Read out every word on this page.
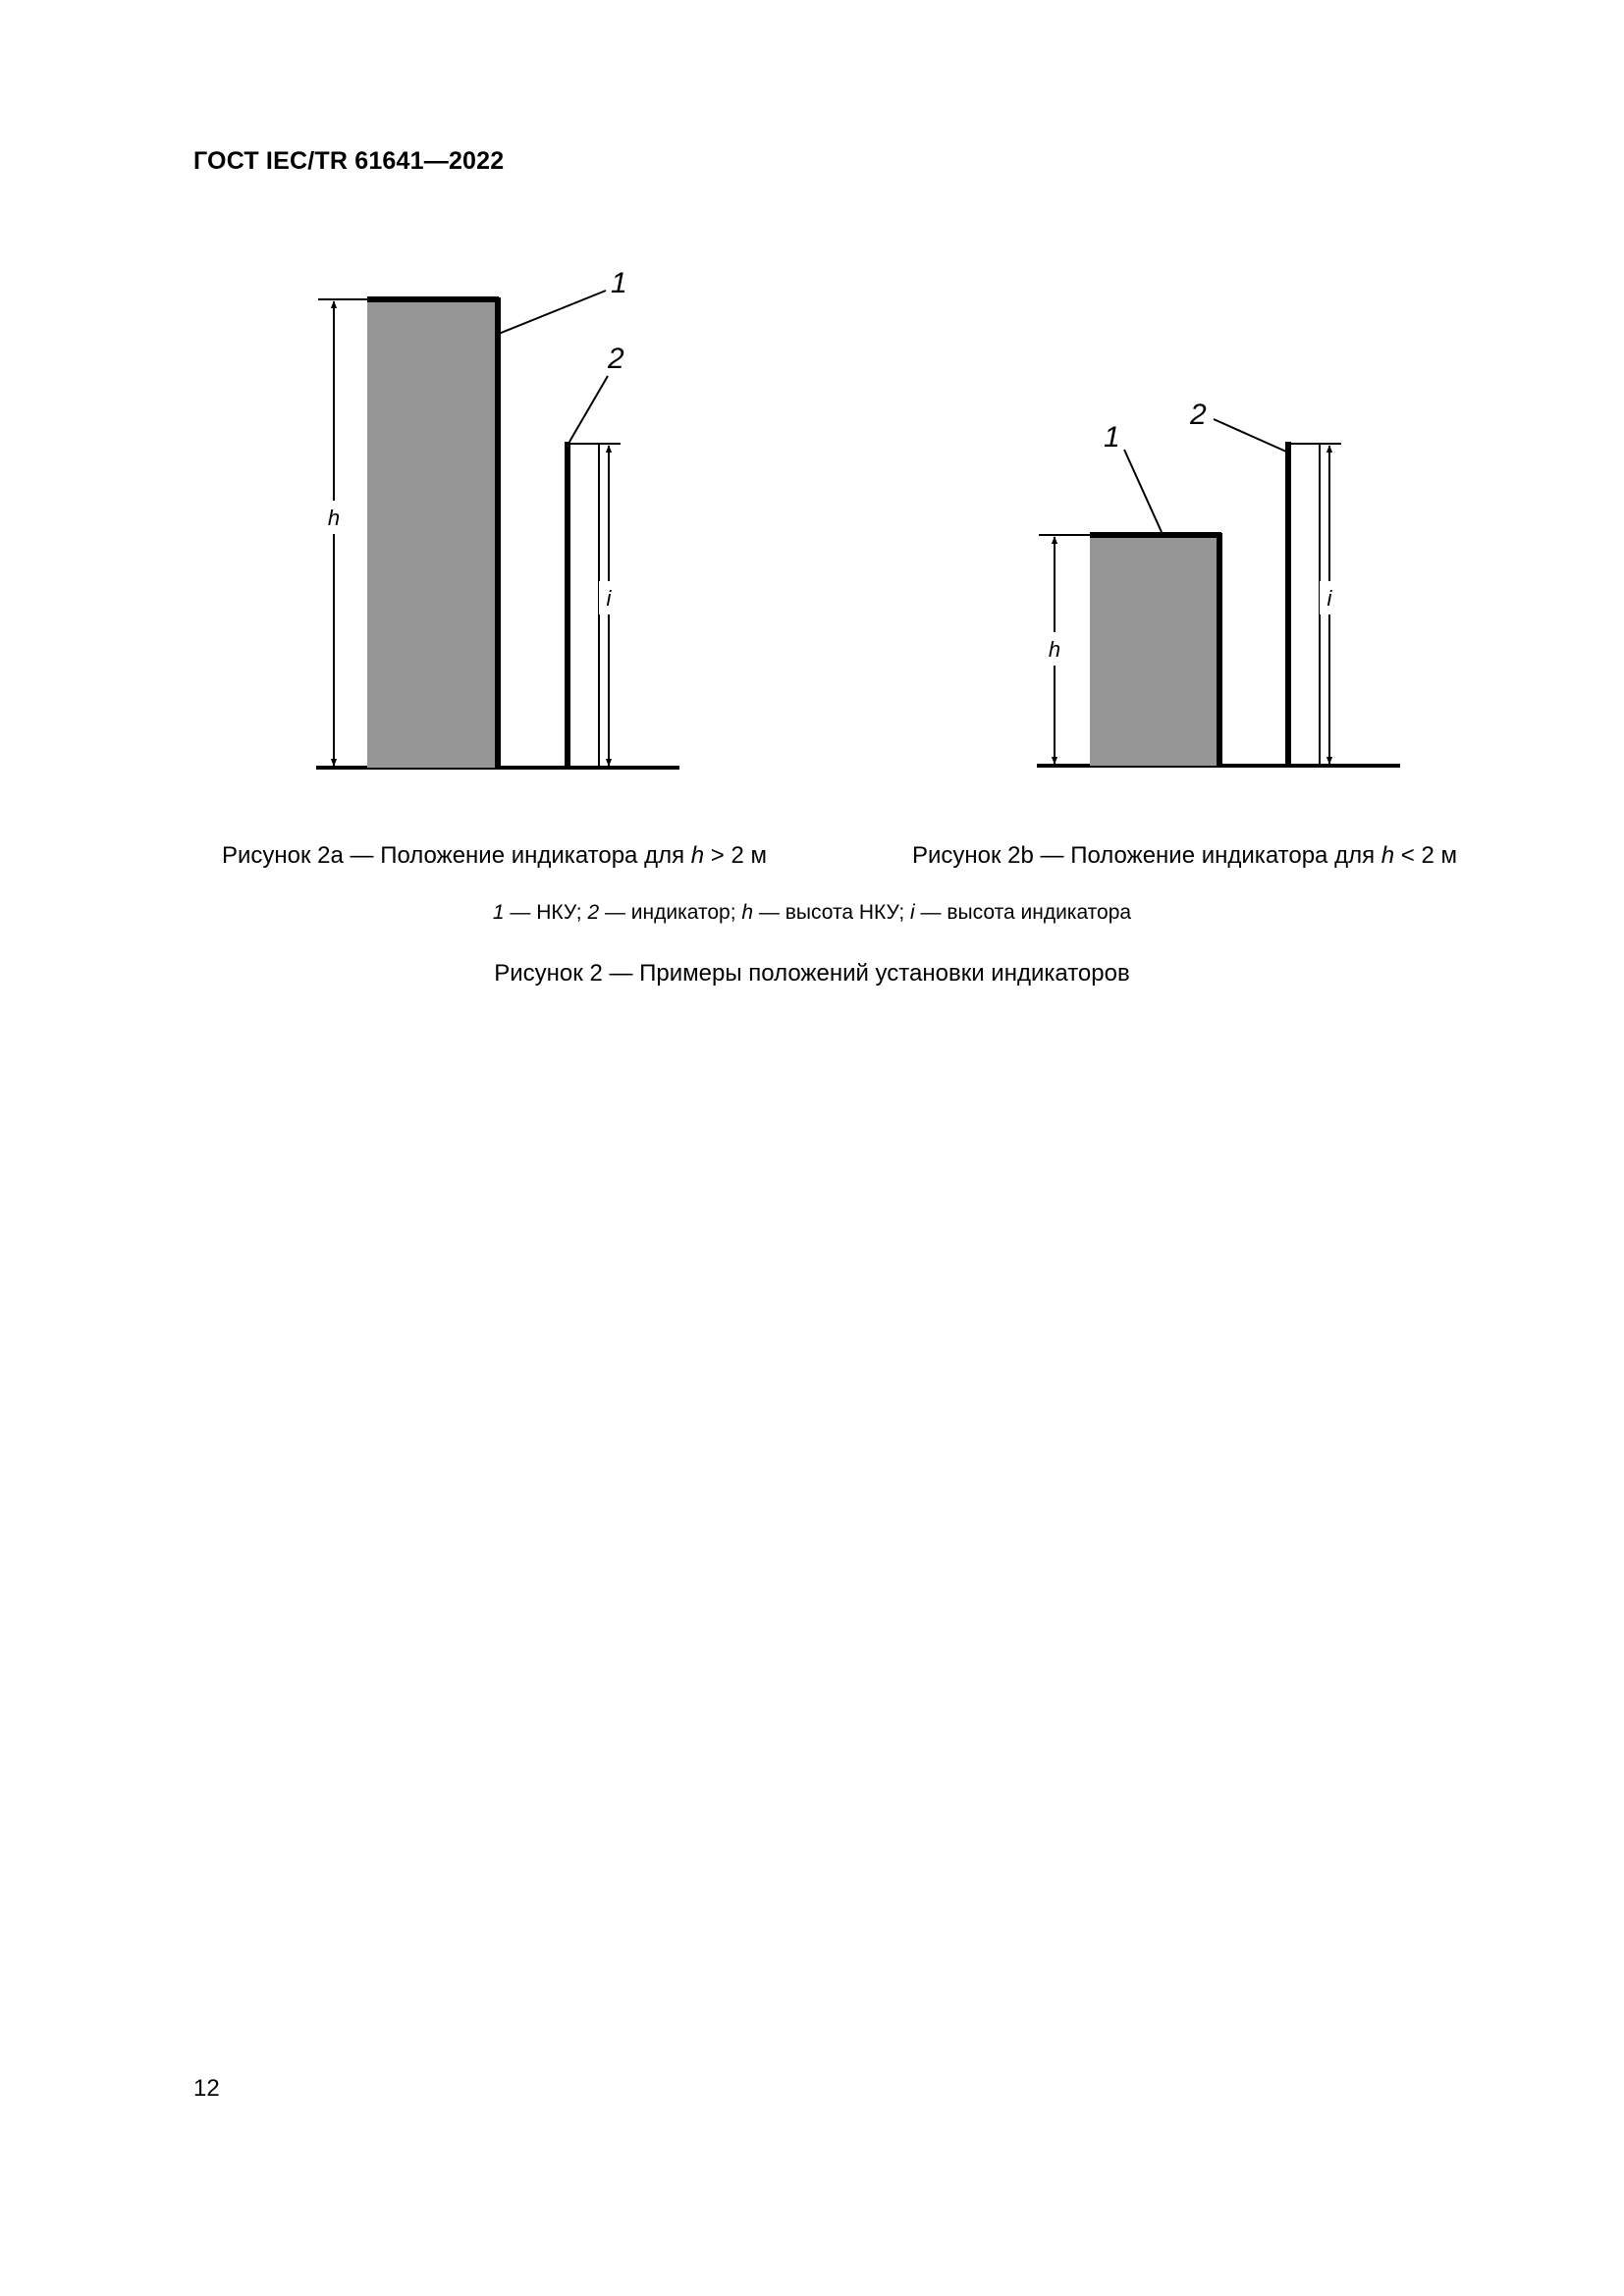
ГОСТ IEC/TR 61641—2022
h
i
1
2
h
i
1
2
Рисунок 2a — Положение индикатора для h > 2 м	Рисунок 2b — Положение индикатора для h < 2 м
1 — НКУ; 2 — индикатор; h — высота НКУ; i — высота индикатора
Рисунок 2 — Примеры положений установки индикаторов
12
